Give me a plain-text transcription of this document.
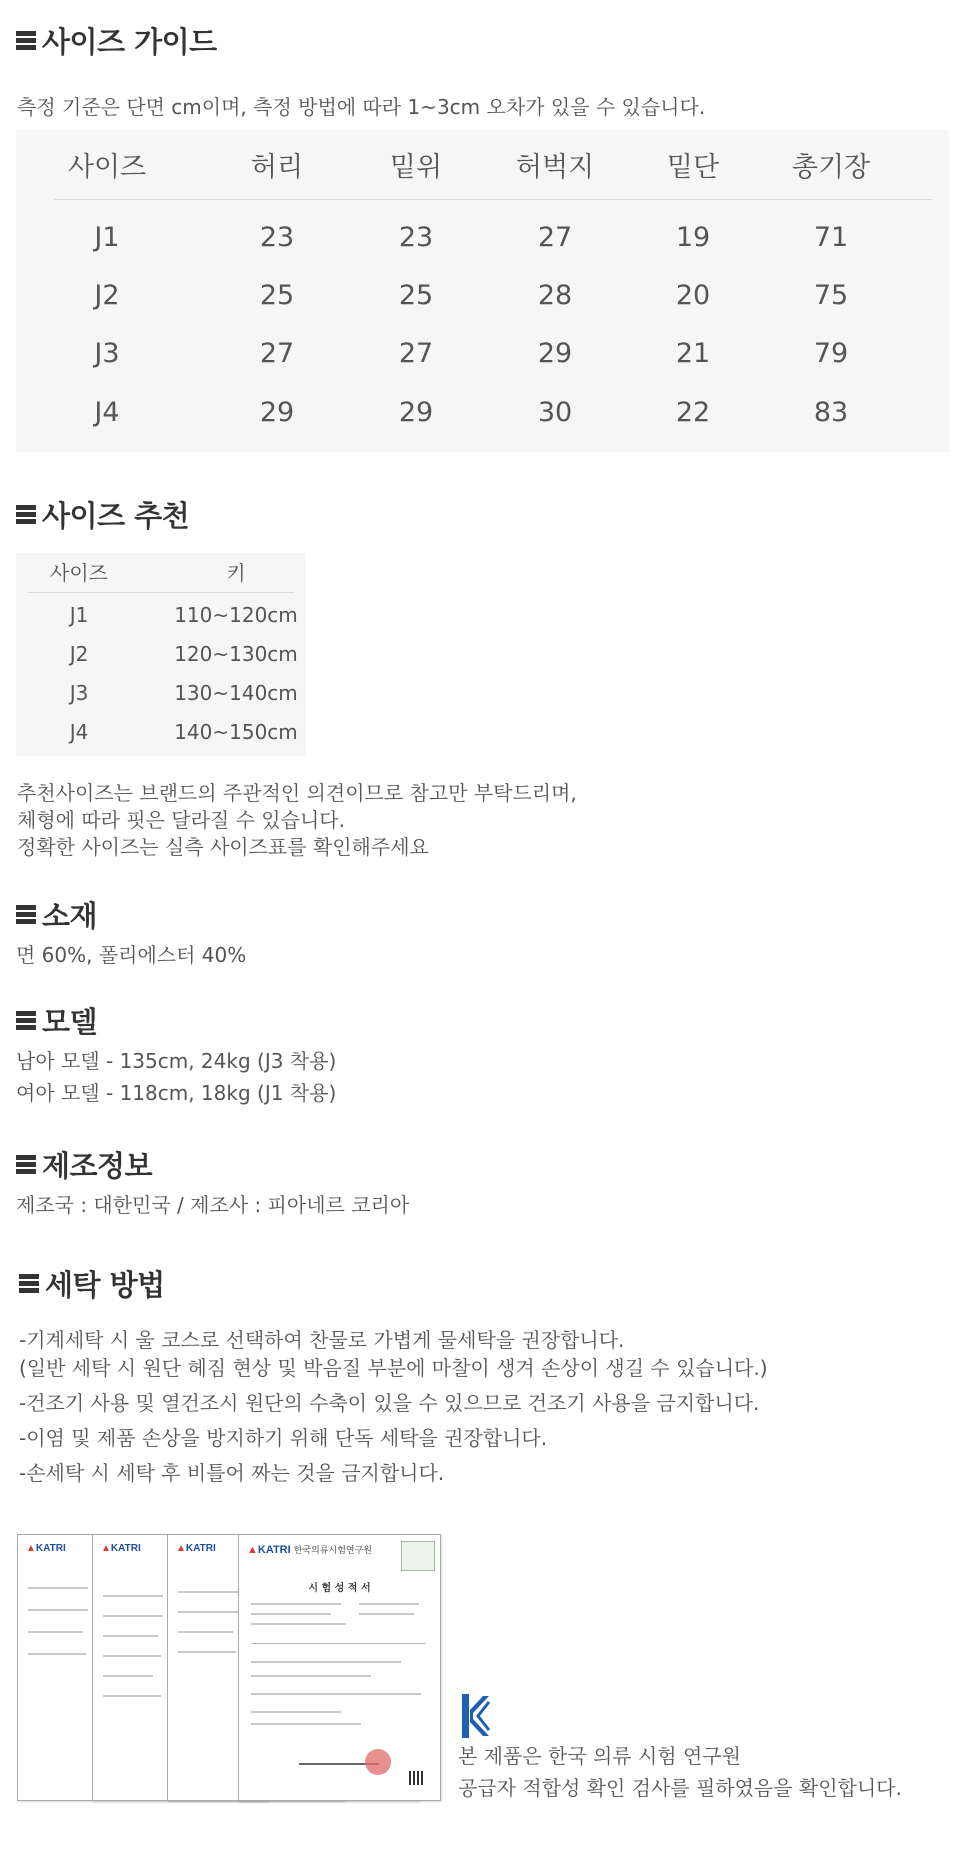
사이즈 가이드
측정 기준은 단면 cm이며, 측정 방법에 따라 1~3cm 오차가 있을 수 있습니다.
사이즈	허리	밑위	허벅지	밑단	총기장
J1	23	23	27	19	71
J2	25	25	28	20	75
J3	27	27	29	21	79
J4	29	29	30	22	83
사이즈 추천
사이즈	키
J1	110~120cm
J2	120~130cm
J3	130~140cm
J4	140~150cm
추천사이즈는 브랜드의 주관적인 의견이므로 참고만 부탁드리며,
체형에 따라 핏은 달라질 수 있습니다.
정확한 사이즈는 실측 사이즈표를 확인해주세요
소재
면 60%, 폴리에스터 40%
모델
남아 모델 - 135cm, 24kg (J3 착용)
여아 모델 - 118cm, 18kg (J1 착용)
제조정보
제조국 : 대한민국 / 제조사 : 피아네르 코리아
세탁 방법
-기계세탁 시 울 코스로 선택하여 찬물로 가볍게 물세탁을 권장합니다.
(일반 세탁 시 원단 헤짐 현상 및 박음질 부분에 마찰이 생겨 손상이 생길 수 있습니다.)
-건조기 사용 및 열건조시 원단의 수축이 있을 수 있으므로 건조기 사용을 금지합니다.
-이염 및 제품 손상을 방지하기 위해 단독 세탁을 권장합니다.
-손세탁 시 세탁 후 비틀어 짜는 것을 금지합니다.
▲KATRI	▲KATRI	▲KATRI	▲KATRI 한국의류시험연구원
시 험 성 적 서
본 제품은 한국 의류 시험 연구원
공급자 적합성 확인 검사를 필하였음을 확인합니다.
